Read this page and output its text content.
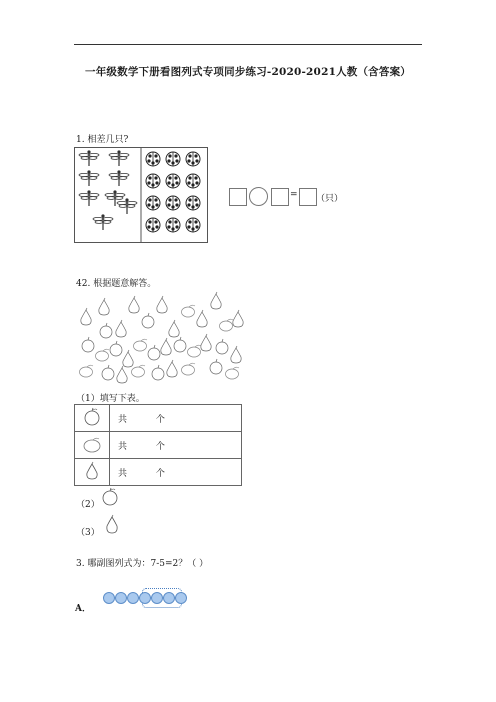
一年级数学下册看图列式专项同步练习-2020-2021人教（含答案）
1. 相差几只?
= （只）
42. 根据题意解答。
（1）填写下表。
	共 个
	共 个
	共 个
（2）
（3）
3. 哪副图列式为：7-5=2？（ ）
A．
